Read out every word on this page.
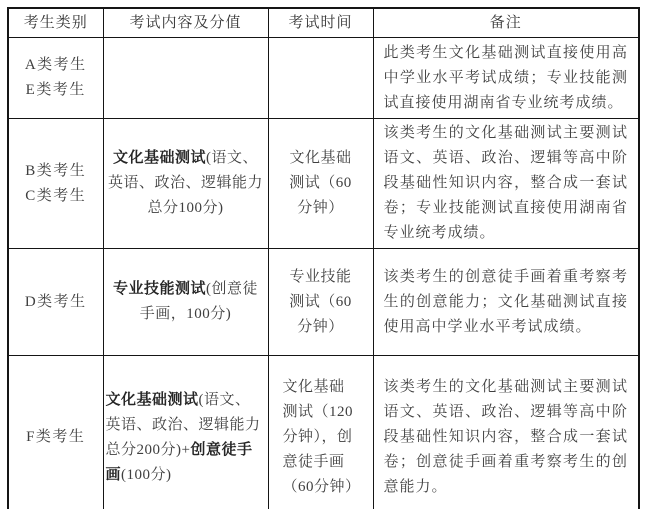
考生类别	考试内容及分值	考试时间	备注

A类考生
E类考生			此类考生文化基础测试直接使用高中学业水平考试成绩；专业技能测试直接使用湖南省专业统考成绩。

B类考生
C类考生	文化基础测试(语文、英语、政治、逻辑能力总分100分)	文化基础测试（60分钟）	该类考生的文化基础测试主要测试语文、英语、政治、逻辑等高中阶段基础性知识内容，整合成一套试卷；专业技能测试直接使用湖南省专业统考成绩。

D类考生	专业技能测试(创意徒手画，100分)	专业技能测试（60分钟）	该类考生的创意徒手画着重考察考生的创意能力；文化基础测试直接使用高中学业水平考试成绩。

F类考生	文化基础测试(语文、英语、政治、逻辑能力总分200分)+创意徒手画(100分)	文化基础测试（120分钟），创意徒手画（60分钟）	该类考生的文化基础测试主要测试语文、英语、政治、逻辑等高中阶段基础性知识内容，整合成一套试卷；创意徒手画着重考察考生的创意能力。
